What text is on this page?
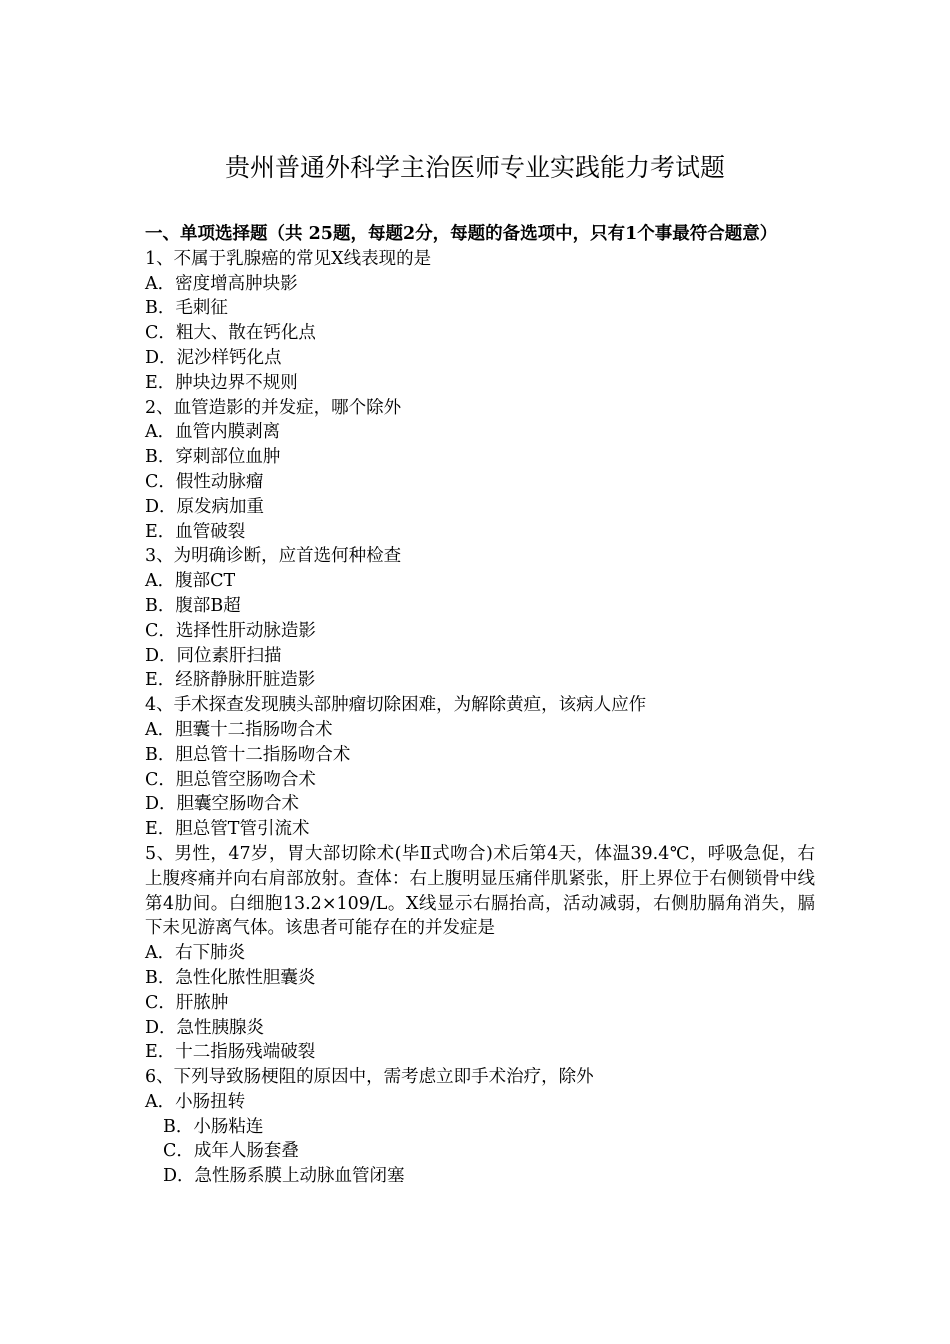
贵州普通外科学主治医师专业实践能力考试题

一、单项选择题（共 25题，每题2分，每题的备选项中，只有1个事最符合题意）

1、不属于乳腺癌的常见X线表现的是

A．密度增高肿块影

B．毛刺征

C．粗大、散在钙化点

D．泥沙样钙化点

E．肿块边界不规则

2、血管造影的并发症，哪个除外

A．血管内膜剥离

B．穿刺部位血肿

C．假性动脉瘤

D．原发病加重

E．血管破裂

3、为明确诊断，应首选何种检查

A．腹部CT

B．腹部B超

C．选择性肝动脉造影

D．同位素肝扫描

E．经脐静脉肝脏造影

4、手术探查发现胰头部肿瘤切除困难，为解除黄疸，该病人应作

A．胆囊十二指肠吻合术

B．胆总管十二指肠吻合术

C．胆总管空肠吻合术

D．胆囊空肠吻合术

E．胆总管T管引流术

5、男性，47岁，胃大部切除术(毕Ⅱ式吻合)术后第4天，体温39.4℃，呼吸急促，右上腹疼痛并向右肩部放射。查体：右上腹明显压痛伴肌紧张，肝上界位于右侧锁骨中线第4肋间。白细胞13.2×109/L。X线显示右膈抬高，活动减弱，右侧肋膈角消失，膈下未见游离气体。该患者可能存在的并发症是

A．右下肺炎

B．急性化脓性胆囊炎

C．肝脓肿

D．急性胰腺炎

E．十二指肠残端破裂

6、下列导致肠梗阻的原因中，需考虑立即手术治疗，除外

A．小肠扭转

B．小肠粘连

C．成年人肠套叠

D．急性肠系膜上动脉血管闭塞
